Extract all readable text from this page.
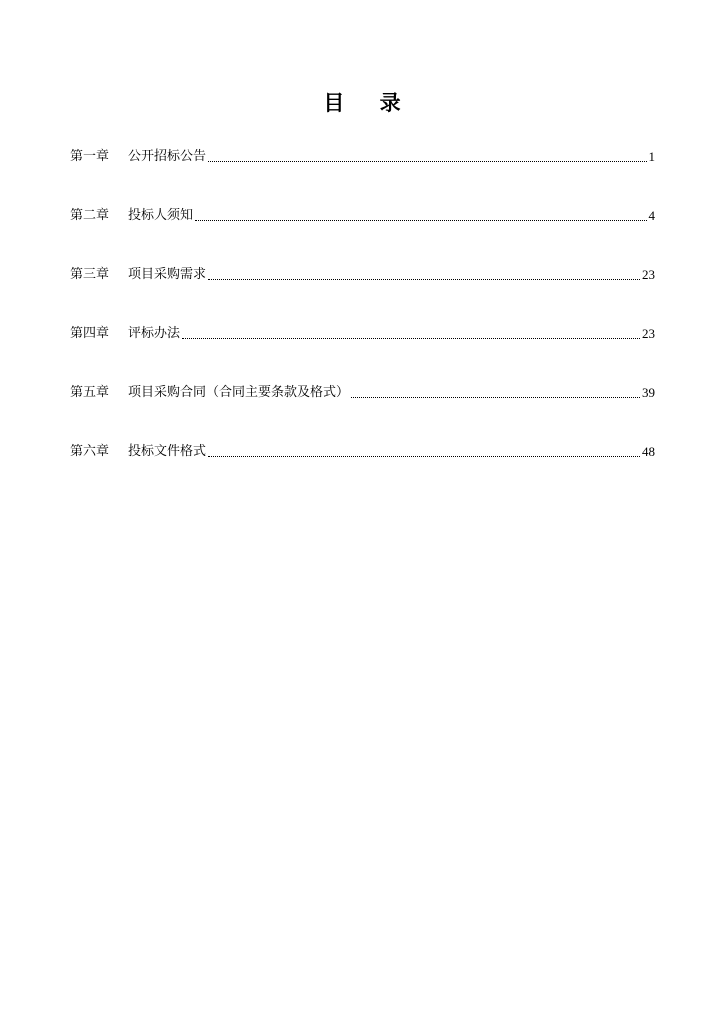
目 录
第一章	公开招标公告	1
第二章	投标人须知	4
第三章	项目采购需求	23
第四章	评标办法	23
第五章	项目采购合同（合同主要条款及格式）	39
第六章	投标文件格式	48
